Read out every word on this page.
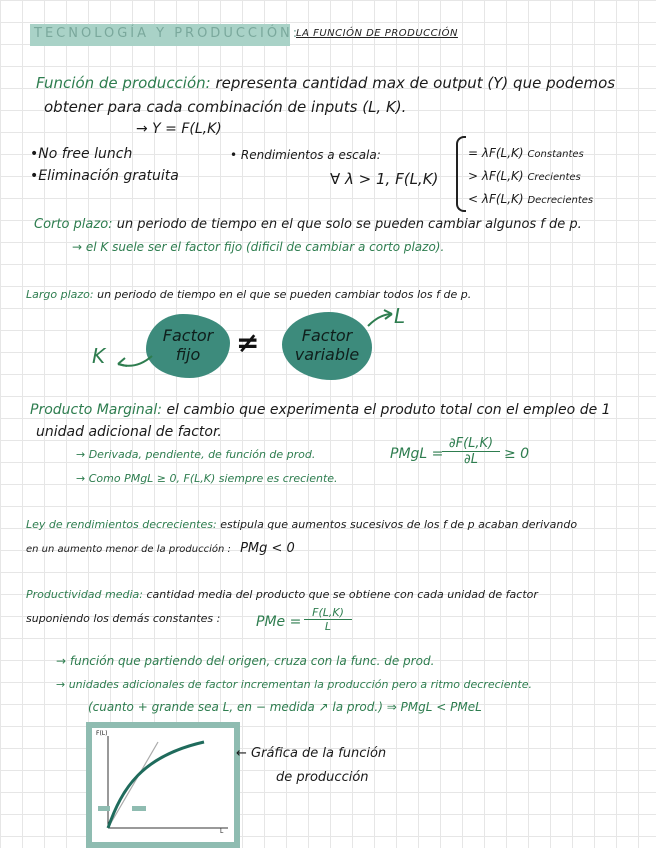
TECNOLOGÍA Y PRODUCCIÓN:
LA FUNCIÓN DE PRODUCCIÓN
Función de producción: representa cantidad max de output (Y) que podemos
obtener para cada combinación de inputs (L, K).
→ Y = F(L,K)
•No free lunch
•Eliminación gratuita
• Rendimientos a escala:
∀ λ > 1, F(L,K)
= λF(L,K) Constantes
> λF(L,K) Crecientes
< λF(L,K) Decrecientes
Corto plazo: un periodo de tiempo en el que solo se pueden cambiar algunos f de p.
→ el K suele ser el factor fijo (dificil de cambiar a corto plazo).
Largo plazo: un periodo de tiempo en el que se pueden cambiar todos los f de p.
Factor
fijo	≠	Factor
variable
K
L
Producto Marginal: el cambio que experimenta el produto total con el empleo de 1
unidad adicional de factor.
→ Derivada, pendiente, de función de prod.
→ Como PMgL ≥ 0, F(L,K) siempre es creciente.
PMgL =
$\frac{\partial F(L,K)}{\partial L} \ge 0$
Ley de rendimientos decrecientes: estipula que aumentos sucesivos de los f de p acaban derivando
en un aumento menor de la producción : PMg < 0
Productividad media: cantidad media del producto que se obtiene con cada unidad de factor
suponiendo los demás constantes :	PMe = $\frac{F(L,K)}{L}$
→ función que partiendo del origen, cruza con la func. de prod.
→ unidades adicionales de factor incrementan la producción pero a ritmo decreciente.
(cuanto + grande sea L, en − medida ↗ la prod.) ⇒ PMgL < PMeL
F(L)
L
← Gráfica de la función
de producción
